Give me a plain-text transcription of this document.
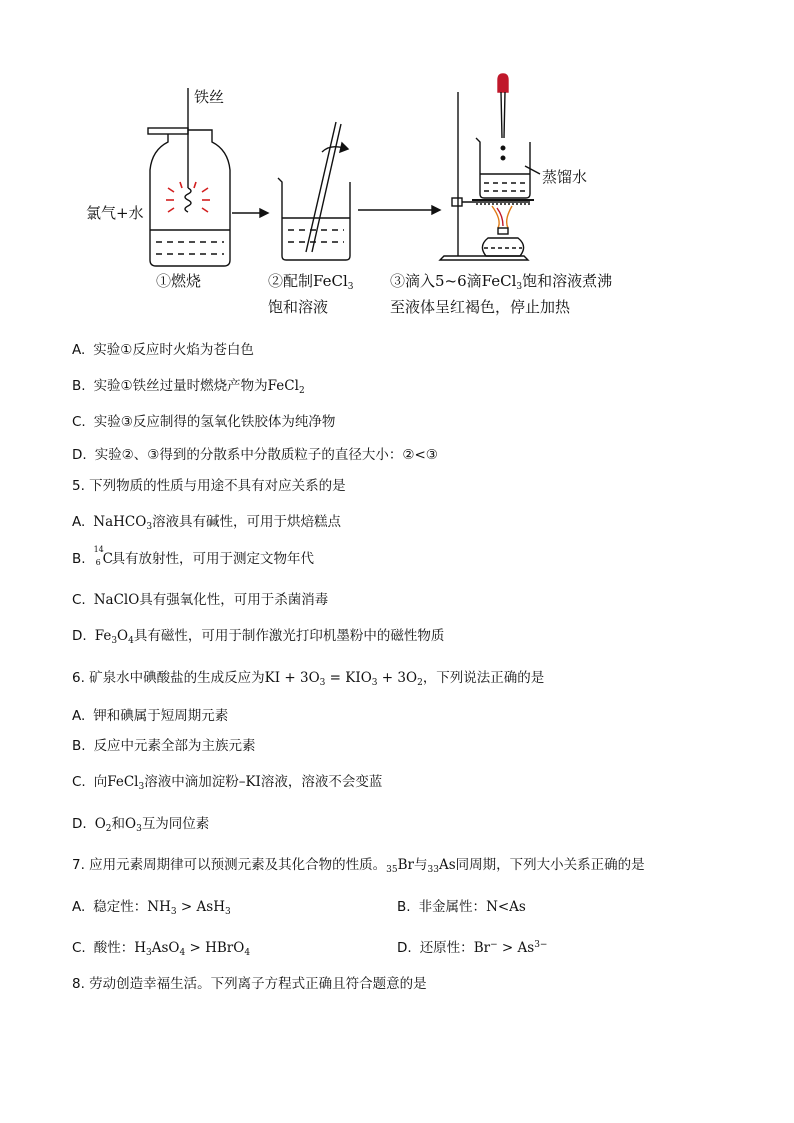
铁丝
氯气+水
蒸馏水
①燃烧	②配制FeCl$_3$
饱和溶液
③滴入5~6滴FeCl$_3$饱和溶液煮沸
至液体呈红褐色，停止加热
A. 实验①反应时火焰为苍白色
B. 实验①铁丝过量时燃烧产物为FeCl$_2$
C. 实验③反应制得的氢氧化铁胶体为纯净物
D. 实验②、③得到的分散系中分散质粒子的直径大小：②<③
5. 下列物质的性质与用途不具有对应关系的是
A. NaHCO$_3$溶液具有碱性，可用于烘焙糕点
B.
14
6 C具有放射性，可用于测定文物年代
C. NaClO具有强氧化性，可用于杀菌消毒
D. $Fe_3O_4$具有磁性，可用于制作激光打印机墨粉中的磁性物质
6. 矿泉水中碘酸盐的生成反应为KI + $3O_3 = KIO_3 + 3O_2$，下列说法正确的是
A. 钾和碘属于短周期元素
B. 反应中元素全部为主族元素
C. 向FeCl$_3$溶液中滴加淀粉–KI溶液，溶液不会变蓝
D. $O_2$和$O_3$互为同位素
7. 应用元素周期律可以预测元素及其化合物的性质。$_{35}$Br与$_{33}$As同周期，下列大小关系正确的是
A. 稳定性：$NH_3 > AsH_3$	B. 非金属性：N<As
C. 酸性：$H_3AsO_4$ > HBrO$_4$	D. 还原性：$Br^- > As^{3-}$
8. 劳动创造幸福生活。下列离子方程式正确且符合题意的是
